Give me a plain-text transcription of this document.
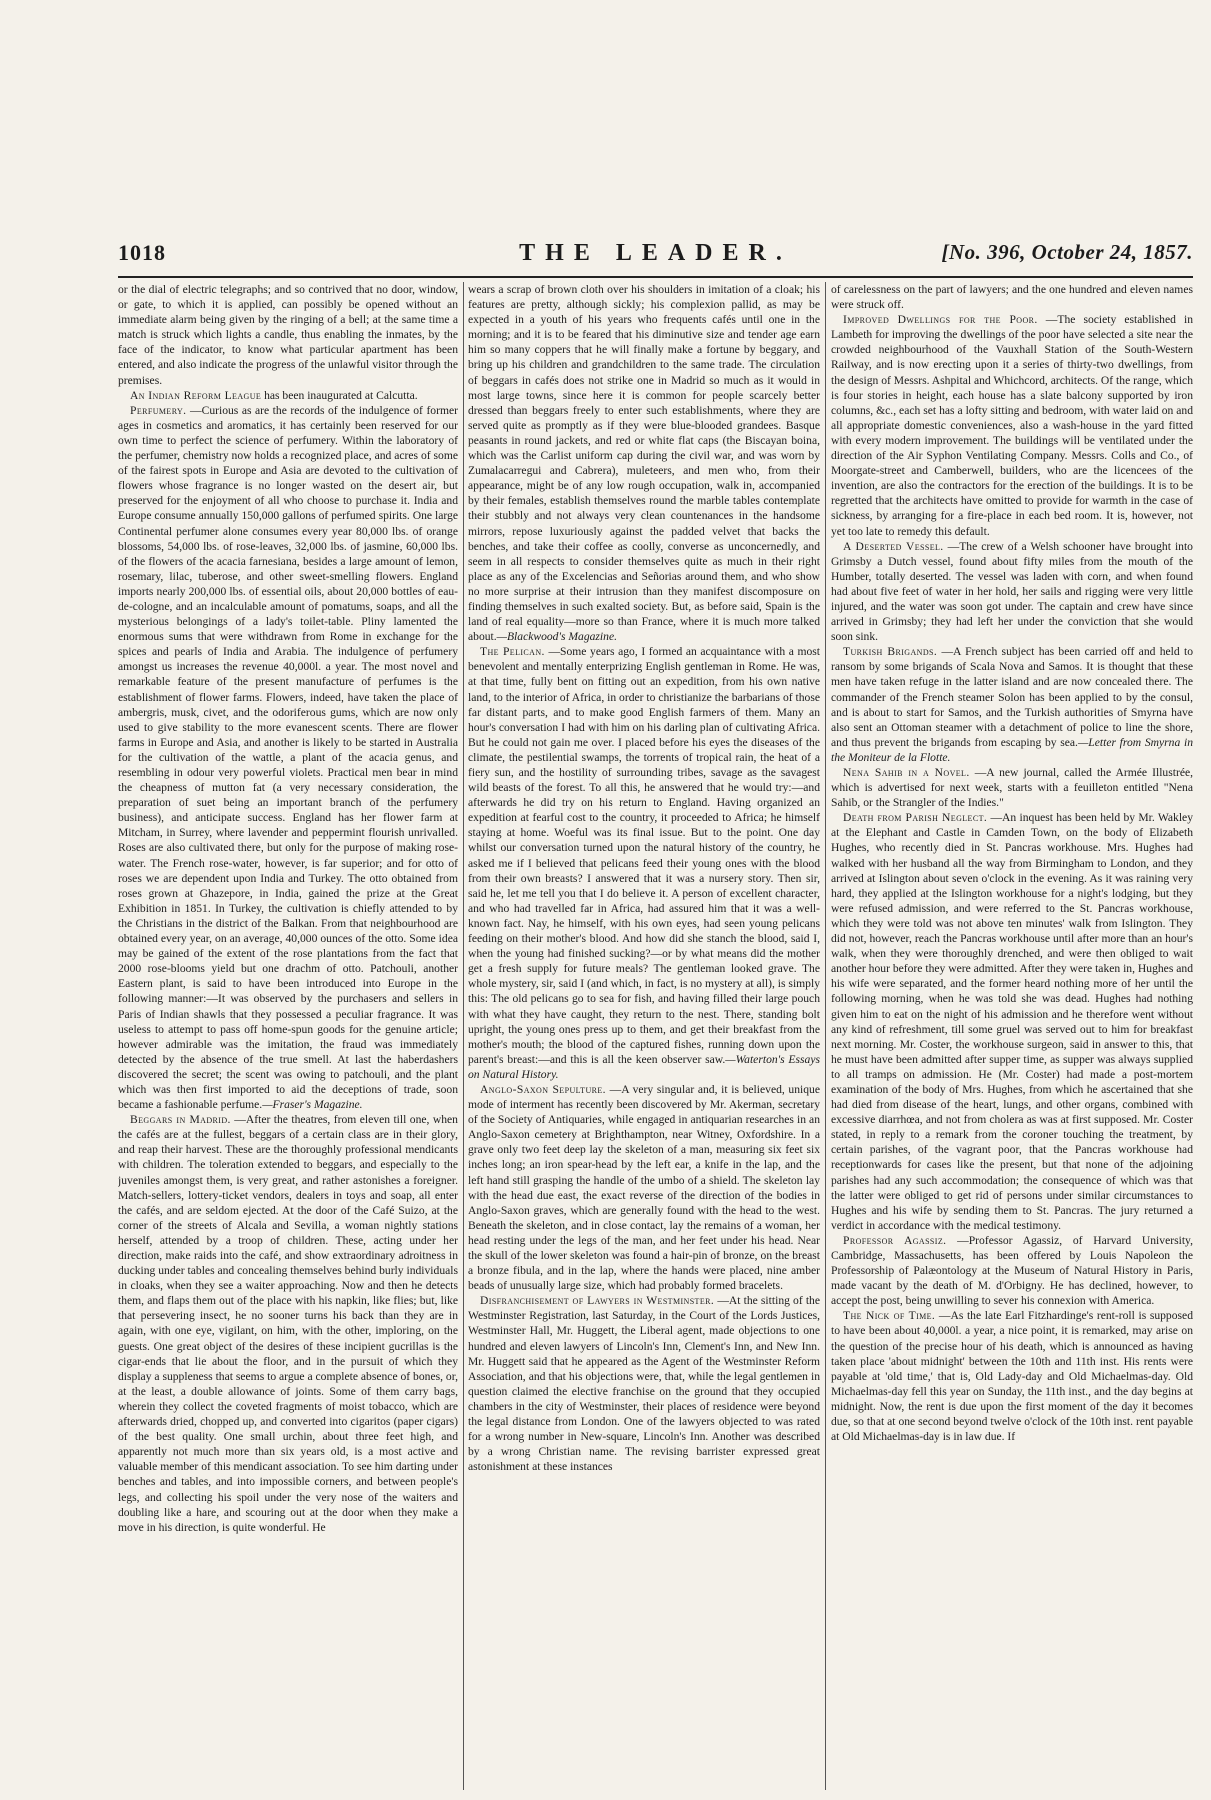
1018	THE LEADER.	[No. 396, October 24, 1857.

or the dial of electric telegraphs; and so contrived that no door, window, or gate, to which it is applied, can possibly be opened without an immediate alarm being given by the ringing of a bell; at the same time a match is struck which lights a candle, thus enabling the inmates, by the face of the indicator, to know what particular apartment has been entered, and also indicate the progress of the unlawful visitor through the premises.

An Indian Reform League has been inaugurated at Calcutta.

Perfumery. —Curious as are the records of the indulgence of former ages in cosmetics and aromatics, it has certainly been reserved for our own time to perfect the science of perfumery. Within the laboratory of the perfumer, chemistry now holds a recognized place, and acres of some of the fairest spots in Europe and Asia are devoted to the cultivation of flowers whose fragrance is no longer wasted on the desert air, but preserved for the enjoyment of all who choose to purchase it. India and Europe consume annually 150,000 gallons of perfumed spirits. One large Continental perfumer alone consumes every year 80,000 lbs. of orange blossoms, 54,000 lbs. of rose-leaves, 32,000 lbs. of jasmine, 60,000 lbs. of the flowers of the acacia farnesiana, besides a large amount of lemon, rosemary, lilac, tuberose, and other sweet-smelling flowers. England imports nearly 200,000 lbs. of essential oils, about 20,000 bottles of eau-de-cologne, and an incalculable amount of pomatums, soaps, and all the mysterious belongings of a lady's toilet-table. Pliny lamented the enormous sums that were withdrawn from Rome in exchange for the spices and pearls of India and Arabia. The indulgence of perfumery amongst us increases the revenue 40,000l. a year. The most novel and remarkable feature of the present manufacture of perfumes is the establishment of flower farms. Flowers, indeed, have taken the place of ambergris, musk, civet, and the odoriferous gums, which are now only used to give stability to the more evanescent scents. There are flower farms in Europe and Asia, and another is likely to be started in Australia for the cultivation of the wattle, a plant of the acacia genus, and resembling in odour very powerful violets. Practical men bear in mind the cheapness of mutton fat (a very necessary consideration, the preparation of suet being an important branch of the perfumery business), and anticipate success. England has her flower farm at Mitcham, in Surrey, where lavender and peppermint flourish unrivalled. Roses are also cultivated there, but only for the purpose of making rose-water. The French rose-water, however, is far superior; and for otto of roses we are dependent upon India and Turkey. The otto obtained from roses grown at Ghazepore, in India, gained the prize at the Great Exhibition in 1851. In Turkey, the cultivation is chiefly attended to by the Christians in the district of the Balkan. From that neighbourhood are obtained every year, on an average, 40,000 ounces of the otto. Some idea may be gained of the extent of the rose plantations from the fact that 2000 rose-blooms yield but one drachm of otto. Patchouli, another Eastern plant, is said to have been introduced into Europe in the following manner:—It was observed by the purchasers and sellers in Paris of Indian shawls that they possessed a peculiar fragrance. It was useless to attempt to pass off home-spun goods for the genuine article; however admirable was the imitation, the fraud was immediately detected by the absence of the true smell. At last the haberdashers discovered the secret; the scent was owing to patchouli, and the plant which was then first imported to aid the deceptions of trade, soon became a fashionable perfume.—Fraser's Magazine.

Beggars in Madrid. —After the theatres, from eleven till one, when the cafés are at the fullest, beggars of a certain class are in their glory, and reap their harvest. These are the thoroughly professional mendicants with children. The toleration extended to beggars, and especially to the juveniles amongst them, is very great, and rather astonishes a foreigner. Match-sellers, lottery-ticket vendors, dealers in toys and soap, all enter the cafés, and are seldom ejected. At the door of the Café Suizo, at the corner of the streets of Alcala and Sevilla, a woman nightly stations herself, attended by a troop of children. These, acting under her direction, make raids into the café, and show extraordinary adroitness in ducking under tables and concealing themselves behind burly individuals in cloaks, when they see a waiter approaching. Now and then he detects them, and flaps them out of the place with his napkin, like flies; but, like that persevering insect, he no sooner turns his back than they are in again, with one eye, vigilant, on him, with the other, imploring, on the guests. One great object of the desires of these incipient gucrillas is the cigar-ends that lie about the floor, and in the pursuit of which they display a suppleness that seems to argue a complete absence of bones, or, at the least, a double allowance of joints. Some of them carry bags, wherein they collect the coveted fragments of moist tobacco, which are afterwards dried, chopped up, and converted into cigaritos (paper cigars) of the best quality. One small urchin, about three feet high, and apparently not much more than six years old, is a most active and valuable member of this mendicant association. To see him darting under benches and tables, and into impossible corners, and between people's legs, and collecting his spoil under the very nose of the waiters and doubling like a hare, and scouring out at the door when they make a move in his direction, is quite wonderful. He

wears a scrap of brown cloth over his shoulders in imitation of a cloak; his features are pretty, although sickly; his complexion pallid, as may be expected in a youth of his years who frequents cafés until one in the morning; and it is to be feared that his diminutive size and tender age earn him so many coppers that he will finally make a fortune by beggary, and bring up his children and grandchildren to the same trade. The circulation of beggars in cafés does not strike one in Madrid so much as it would in most large towns, since here it is common for people scarcely better dressed than beggars freely to enter such establishments, where they are served quite as promptly as if they were blue-blooded grandees. Basque peasants in round jackets, and red or white flat caps (the Biscayan boina, which was the Carlist uniform cap during the civil war, and was worn by Zumalacarregui and Cabrera), muleteers, and men who, from their appearance, might be of any low rough occupation, walk in, accompanied by their females, establish themselves round the marble tables contemplate their stubbly and not always very clean countenances in the handsome mirrors, repose luxuriously against the padded velvet that backs the benches, and take their coffee as coolly, converse as unconcernedly, and seem in all respects to consider themselves quite as much in their right place as any of the Excelencias and Señorias around them, and who show no more surprise at their intrusion than they manifest discomposure on finding themselves in such exalted society. But, as before said, Spain is the land of real equality—more so than France, where it is much more talked about.—Blackwood's Magazine.

The Pelican. —Some years ago, I formed an acquaintance with a most benevolent and mentally enterprizing English gentleman in Rome. He was, at that time, fully bent on fitting out an expedition, from his own native land, to the interior of Africa, in order to christianize the barbarians of those far distant parts, and to make good English farmers of them. Many an hour's conversation I had with him on his darling plan of cultivating Africa. But he could not gain me over. I placed before his eyes the diseases of the climate, the pestilential swamps, the torrents of tropical rain, the heat of a fiery sun, and the hostility of surrounding tribes, savage as the savagest wild beasts of the forest. To all this, he answered that he would try:—and afterwards he did try on his return to England. Having organized an expedition at fearful cost to the country, it proceeded to Africa; he himself staying at home. Woeful was its final issue. But to the point. One day whilst our conversation turned upon the natural history of the country, he asked me if I believed that pelicans feed their young ones with the blood from their own breasts? I answered that it was a nursery story. Then sir, said he, let me tell you that I do believe it. A person of excellent character, and who had travelled far in Africa, had assured him that it was a well-known fact. Nay, he himself, with his own eyes, had seen young pelicans feeding on their mother's blood. And how did she stanch the blood, said I, when the young had finished sucking?—or by what means did the mother get a fresh supply for future meals? The gentleman looked grave. The whole mystery, sir, said I (and which, in fact, is no mystery at all), is simply this: The old pelicans go to sea for fish, and having filled their large pouch with what they have caught, they return to the nest. There, standing bolt upright, the young ones press up to them, and get their breakfast from the mother's mouth; the blood of the captured fishes, running down upon the parent's breast:—and this is all the keen observer saw.—Waterton's Essays on Natural History.

Anglo-Saxon Sepulture. —A very singular and, it is believed, unique mode of interment has recently been discovered by Mr. Akerman, secretary of the Society of Antiquaries, while engaged in antiquarian researches in an Anglo-Saxon cemetery at Brighthampton, near Witney, Oxfordshire. In a grave only two feet deep lay the skeleton of a man, measuring six feet six inches long; an iron spear-head by the left ear, a knife in the lap, and the left hand still grasping the handle of the umbo of a shield. The skeleton lay with the head due east, the exact reverse of the direction of the bodies in Anglo-Saxon graves, which are generally found with the head to the west. Beneath the skeleton, and in close contact, lay the remains of a woman, her head resting under the legs of the man, and her feet under his head. Near the skull of the lower skeleton was found a hair-pin of bronze, on the breast a bronze fibula, and in the lap, where the hands were placed, nine amber beads of unusually large size, which had probably formed bracelets.

Disfranchisement of Lawyers in Westminster. —At the sitting of the Westminster Registration, last Saturday, in the Court of the Lords Justices, Westminster Hall, Mr. Huggett, the Liberal agent, made objections to one hundred and eleven lawyers of Lincoln's Inn, Clement's Inn, and New Inn. Mr. Huggett said that he appeared as the Agent of the Westminster Reform Association, and that his objections were, that, while the legal gentlemen in question claimed the elective franchise on the ground that they occupied chambers in the city of Westminster, their places of residence were beyond the legal distance from London. One of the lawyers objected to was rated for a wrong number in New-square, Lincoln's Inn. Another was described by a wrong Christian name. The revising barrister expressed great astonishment at these instances

of carelessness on the part of lawyers; and the one hundred and eleven names were struck off.

Improved Dwellings for the Poor. —The society established in Lambeth for improving the dwellings of the poor have selected a site near the crowded neighbourhood of the Vauxhall Station of the South-Western Railway, and is now erecting upon it a series of thirty-two dwellings, from the design of Messrs. Ashpital and Whichcord, architects. Of the range, which is four stories in height, each house has a slate balcony supported by iron columns, &c., each set has a lofty sitting and bedroom, with water laid on and all appropriate domestic conveniences, also a wash-house in the yard fitted with every modern improvement. The buildings will be ventilated under the direction of the Air Syphon Ventilating Company. Messrs. Colls and Co., of Moorgate-street and Camberwell, builders, who are the licencees of the invention, are also the contractors for the erection of the buildings. It is to be regretted that the architects have omitted to provide for warmth in the case of sickness, by arranging for a fire-place in each bed room. It is, however, not yet too late to remedy this default.

A Deserted Vessel. —The crew of a Welsh schooner have brought into Grimsby a Dutch vessel, found about fifty miles from the mouth of the Humber, totally deserted. The vessel was laden with corn, and when found had about five feet of water in her hold, her sails and rigging were very little injured, and the water was soon got under. The captain and crew have since arrived in Grimsby; they had left her under the conviction that she would soon sink.

Turkish Brigands. —A French subject has been carried off and held to ransom by some brigands of Scala Nova and Samos. It is thought that these men have taken refuge in the latter island and are now concealed there. The commander of the French steamer Solon has been applied to by the consul, and is about to start for Samos, and the Turkish authorities of Smyrna have also sent an Ottoman steamer with a detachment of police to line the shore, and thus prevent the brigands from escaping by sea.—Letter from Smyrna in the Moniteur de la Flotte.

Nena Sahib in a Novel. —A new journal, called the Armée Illustrée, which is advertised for next week, starts with a feuilleton entitled "Nena Sahib, or the Strangler of the Indies."

Death from Parish Neglect. —An inquest has been held by Mr. Wakley at the Elephant and Castle in Camden Town, on the body of Elizabeth Hughes, who recently died in St. Pancras workhouse. Mrs. Hughes had walked with her husband all the way from Birmingham to London, and they arrived at Islington about seven o'clock in the evening. As it was raining very hard, they applied at the Islington workhouse for a night's lodging, but they were refused admission, and were referred to the St. Pancras workhouse, which they were told was not above ten minutes' walk from Islington. They did not, however, reach the Pancras workhouse until after more than an hour's walk, when they were thoroughly drenched, and were then obliged to wait another hour before they were admitted. After they were taken in, Hughes and his wife were separated, and the former heard nothing more of her until the following morning, when he was told she was dead. Hughes had nothing given him to eat on the night of his admission and he therefore went without any kind of refreshment, till some gruel was served out to him for breakfast next morning. Mr. Coster, the workhouse surgeon, said in answer to this, that he must have been admitted after supper time, as supper was always supplied to all tramps on admission. He (Mr. Coster) had made a post-mortem examination of the body of Mrs. Hughes, from which he ascertained that she had died from disease of the heart, lungs, and other organs, combined with excessive diarrhœa, and not from cholera as was at first supposed. Mr. Coster stated, in reply to a remark from the coroner touching the treatment, by certain parishes, of the vagrant poor, that the Pancras workhouse had receptionwards for cases like the present, but that none of the adjoining parishes had any such accommodation; the consequence of which was that the latter were obliged to get rid of persons under similar circumstances to Hughes and his wife by sending them to St. Pancras. The jury returned a verdict in accordance with the medical testimony.

Professor Agassiz. —Professor Agassiz, of Harvard University, Cambridge, Massachusetts, has been offered by Louis Napoleon the Professorship of Palæontology at the Museum of Natural History in Paris, made vacant by the death of M. d'Orbigny. He has declined, however, to accept the post, being unwilling to sever his connexion with America.

The Nick of Time. —As the late Earl Fitzhardinge's rent-roll is supposed to have been about 40,000l. a year, a nice point, it is remarked, may arise on the question of the precise hour of his death, which is announced as having taken place 'about midnight' between the 10th and 11th inst. His rents were payable at 'old time,' that is, Old Lady-day and Old Michaelmas-day. Old Michaelmas-day fell this year on Sunday, the 11th inst., and the day begins at midnight. Now, the rent is due upon the first moment of the day it becomes due, so that at one second beyond twelve o'clock of the 10th inst. rent payable at Old Michaelmas-day is in law due. If
